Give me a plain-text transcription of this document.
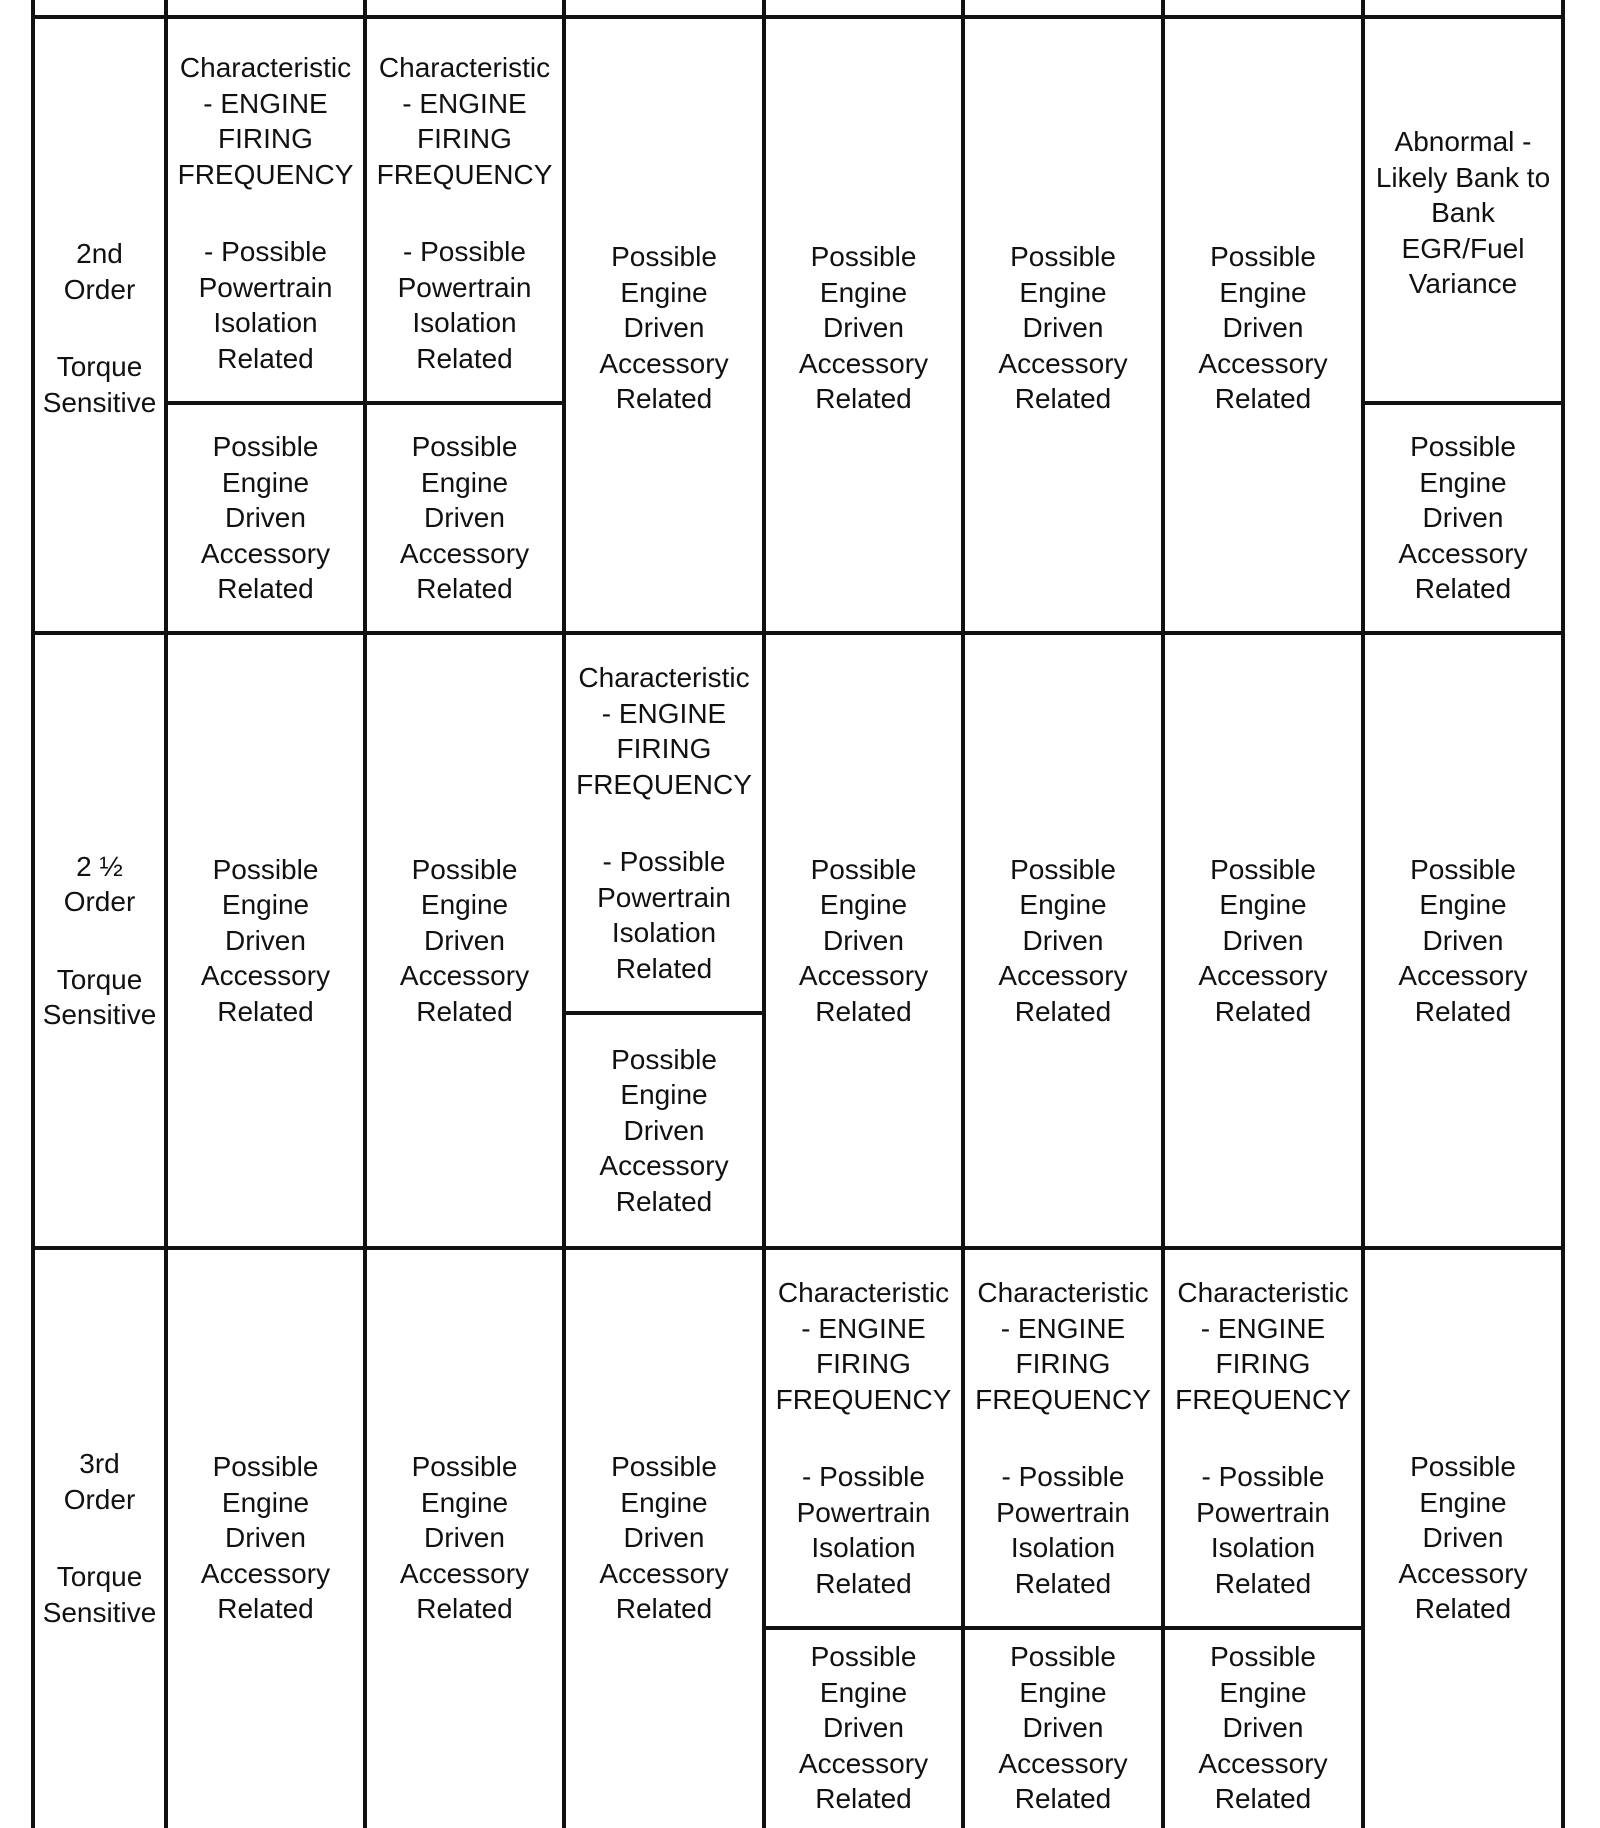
2nd
Order
Torque
Sensitive
Characteristic
- ENGINE
FIRING
FREQUENCY
- Possible
Powertrain
Isolation
Related
Possible
Engine
Driven
Accessory
Related
Characteristic
- ENGINE
FIRING
FREQUENCY
- Possible
Powertrain
Isolation
Related
Possible
Engine
Driven
Accessory
Related
Possible
Engine
Driven
Accessory
Related
Possible
Engine
Driven
Accessory
Related
Possible
Engine
Driven
Accessory
Related
Possible
Engine
Driven
Accessory
Related
Abnormal -
Likely Bank to
Bank
EGR/Fuel
Variance
Possible
Engine
Driven
Accessory
Related
2 ½
Order
Torque
Sensitive
Possible
Engine
Driven
Accessory
Related
Possible
Engine
Driven
Accessory
Related
Characteristic
- ENGINE
FIRING
FREQUENCY
- Possible
Powertrain
Isolation
Related
Possible
Engine
Driven
Accessory
Related
Possible
Engine
Driven
Accessory
Related
Possible
Engine
Driven
Accessory
Related
Possible
Engine
Driven
Accessory
Related
Possible
Engine
Driven
Accessory
Related
3rd
Order
Torque
Sensitive
Possible
Engine
Driven
Accessory
Related
Possible
Engine
Driven
Accessory
Related
Possible
Engine
Driven
Accessory
Related
Characteristic
- ENGINE
FIRING
FREQUENCY
- Possible
Powertrain
Isolation
Related
Possible
Engine
Driven
Accessory
Related
Characteristic
- ENGINE
FIRING
FREQUENCY
- Possible
Powertrain
Isolation
Related
Possible
Engine
Driven
Accessory
Related
Characteristic
- ENGINE
FIRING
FREQUENCY
- Possible
Powertrain
Isolation
Related
Possible
Engine
Driven
Accessory
Related
Possible
Engine
Driven
Accessory
Related
